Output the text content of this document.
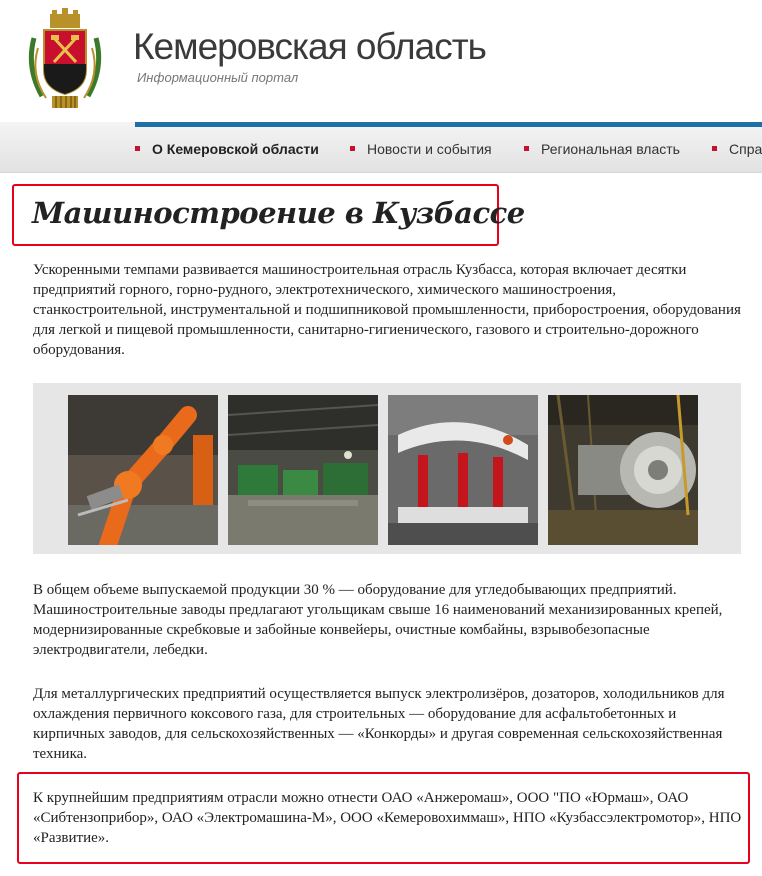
Кемеровская область
Информационный портал
О Кемеровской области	Новости и события	Региональная власть	Спра
Машиностроение в Кузбассе

Ускоренными темпами развивается машиностроительная отрасль Кузбасса, которая включает десятки предприятий горного, горно-рудного, электротехнического, химического машиностроения, станкостроительной, инструментальной и подшипниковой промышленности, приборостроения, оборудования для легкой и пищевой промышленности, санитарно-гигиенического, газового и строительно-дорожного оборудования.

В общем объеме выпускаемой продукции 30 % — оборудование для угледобывающих предприятий. Машиностроительные заводы предлагают угольщикам свыше 16 наименований механизированных крепей, модернизированные скребковые и забойные конвейеры, очистные комбайны, взрывобезопасные электродвигатели, лебедки.

Для металлургических предприятий осуществляется выпуск электролизёров, дозаторов, холодильников для охлаждения первичного коксового газа, для строительных — оборудование для асфальтобетонных и кирпичных заводов, для сельскохозяйственных — «Конкорды» и другая современная сельскохозяйственная техника.

К крупнейшим предприятиям отрасли можно отнести ОАО «Анжеромаш», ООО "ПО «Юрмаш», ОАО «Сибтензоприбор», ОАО «Электромашина-М», ООО «Кемеровохиммаш», НПО «Кузбассэлектромотор», НПО «Развитие».
